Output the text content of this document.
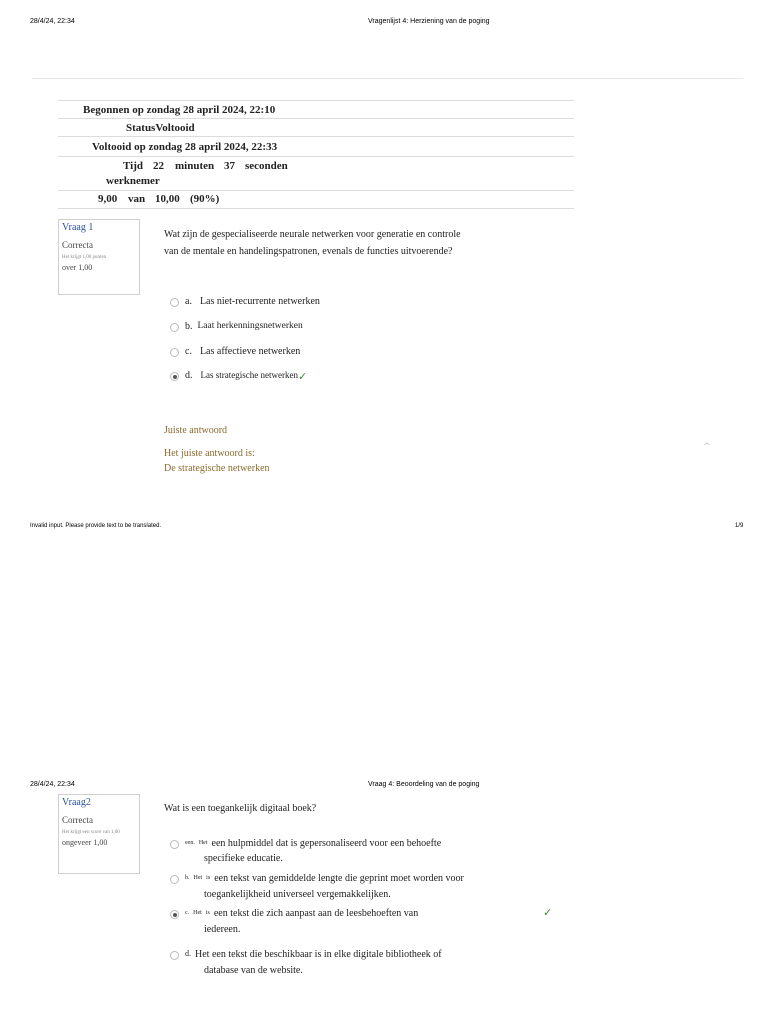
28/4/24, 22:34	Vragenlijst 4: Herziening van de poging
Begonnen op zondag 28 april 2024, 22:10
StatusVoltooid
Voltooid op zondag 28 april 2024, 22:33
Tijd 22 minuten 37 seconden
werknemer
9,00 van 10,00 (90%)
Vraag 1
Correcta
Het krijgt 1,00 punten
over 1,00
Wat zijn de gespecialiseerde neurale netwerken voor generatie en controle van de mentale en handelingspatronen, evenals de functies uitvoerende?
a. Las niet-recurrente netwerken
b. Laat herkenningsnetwerken
c. Las affectieve netwerken
d. Las strategische netwerken ✓
Juiste antwoord
Het juiste antwoord is:
De strategische netwerken
^
Invalid input. Please provide text to be translated.	1/9
28/4/24, 22:34	Vraag 4: Beoordeling van de poging
Vraag2
Correcta
Het krijgt een score van 1,00
ongeveer 1,00
Wat is een toegankelijk digitaal boek?
een. Het een hulpmiddel dat is gepersonaliseerd voor een behoefte
specifieke educatie.
b. Het is een tekst van gemiddelde lengte die geprint moet worden voor
toegankelijkheid universeel vergemakkelijken.
c. Het is een tekst die zich aanpast aan de leesbehoeften van
iedereen.
✓
d. Het een tekst die beschikbaar is in elke digitale bibliotheek of
database van de website.
